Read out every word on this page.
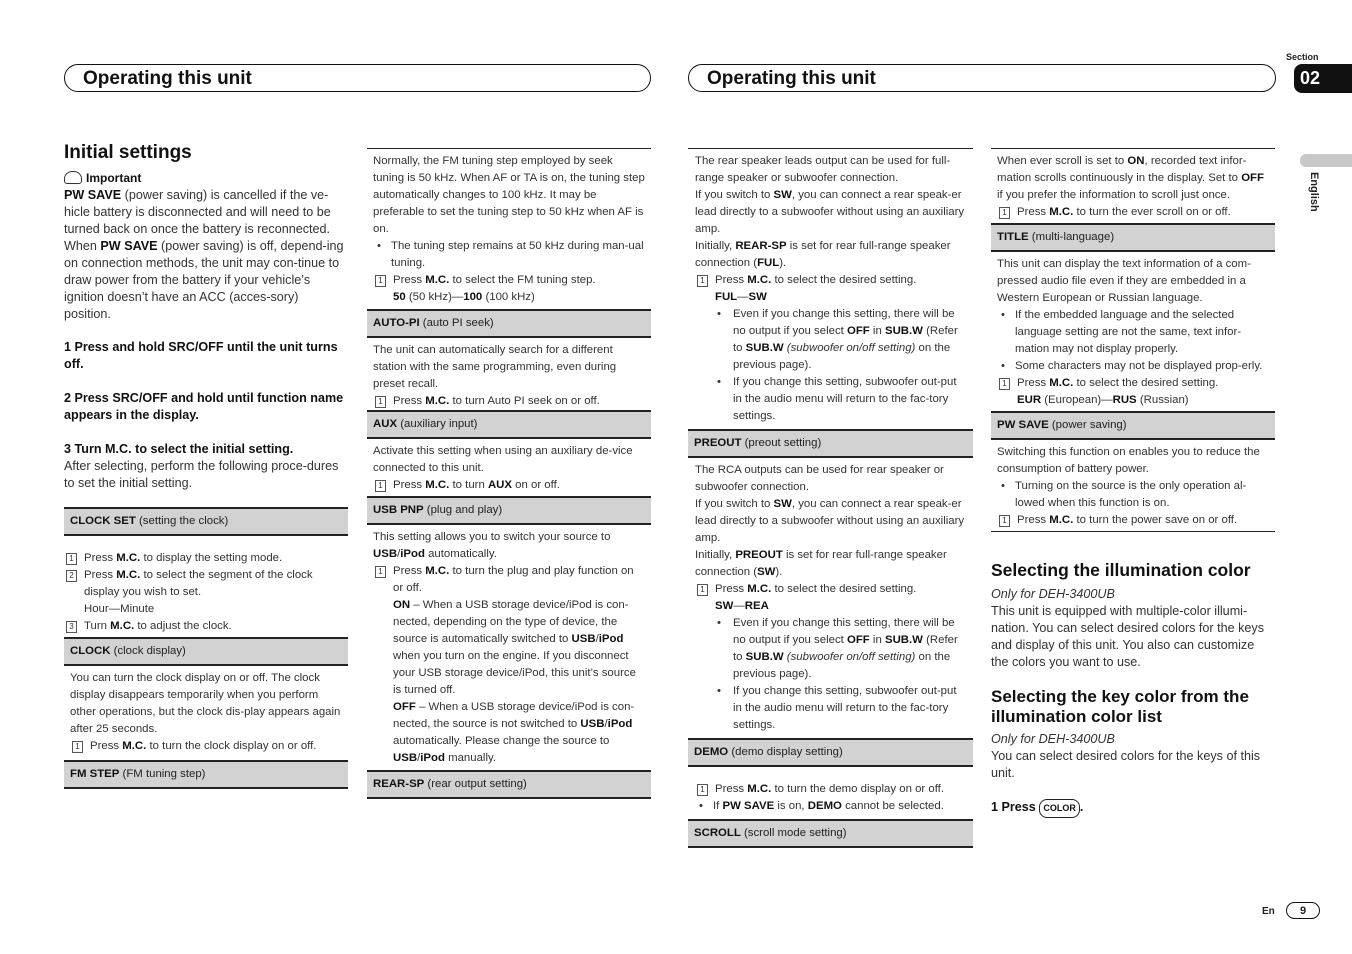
Operating this unit	Operating this unit
Section
02
English

Initial settings

Important

PW SAVE (power saving) is cancelled if the ve-hicle battery is disconnected and will need to be turned back on once the battery is reconnected. When PW SAVE (power saving) is off, depend-ing on connection methods, the unit may con-tinue to draw power from the battery if your vehicle’s ignition doesn’t have an ACC (acces-sory) position.

1 Press and hold SRC/OFF until the unit turns off.

2 Press SRC/OFF and hold until function name appears in the display.

3 Turn M.C. to select the initial setting.

After selecting, perform the following proce-dures to set the initial setting.

CLOCK SET (setting the clock)

1 Press M.C. to display the setting mode.

2 Press M.C. to select the segment of the clock display you wish to set.

Hour—Minute

3 Turn M.C. to adjust the clock.

CLOCK (clock display)

You can turn the clock display on or off. The clock display disappears temporarily when you perform other operations, but the clock dis-play appears again after 25 seconds.

1 Press M.C. to turn the clock display on or off.

FM STEP (FM tuning step)

Normally, the FM tuning step employed by seek tuning is 50 kHz. When AF or TA is on, the tuning step automatically changes to 100 kHz. It may be preferable to set the tuning step to 50 kHz when AF is on.

• The tuning step remains at 50 kHz during man-ual tuning.

1 Press M.C. to select the FM tuning step.

50 (50 kHz)—100 (100 kHz)

AUTO-PI (auto PI seek)

The unit can automatically search for a different station with the same programming, even during preset recall.

1 Press M.C. to turn Auto PI seek on or off.

AUX (auxiliary input)

Activate this setting when using an auxiliary de-vice connected to this unit.

1 Press M.C. to turn AUX on or off.

USB PNP (plug and play)

This setting allows you to switch your source to USB/iPod automatically.

1 Press M.C. to turn the plug and play function on or off.

ON – When a USB storage device/iPod is con-nected, depending on the type of device, the source is automatically switched to USB/iPod when you turn on the engine. If you disconnect your USB storage device/iPod, this unit’s source is turned off.

OFF – When a USB storage device/iPod is con-nected, the source is not switched to USB/iPod automatically. Please change the source to USB/iPod manually.

REAR-SP (rear output setting)

The rear speaker leads output can be used for full-range speaker or subwoofer connection.

If you switch to SW, you can connect a rear speak-er lead directly to a subwoofer without using an auxiliary amp.

Initially, REAR-SP is set for rear full-range speaker connection (FUL).

1 Press M.C. to select the desired setting.

FUL—SW

• Even if you change this setting, there will be no output if you select OFF in SUB.W (Refer to SUB.W (subwoofer on/off setting) on the previous page).

• If you change this setting, subwoofer out-put in the audio menu will return to the fac-tory settings.

PREOUT (preout setting)

The RCA outputs can be used for rear speaker or subwoofer connection.

If you switch to SW, you can connect a rear speak-er lead directly to a subwoofer without using an auxiliary amp.

Initially, PREOUT is set for rear full-range speaker connection (SW).

1 Press M.C. to select the desired setting.

SW—REA

• Even if you change this setting, there will be no output if you select OFF in SUB.W (Refer to SUB.W (subwoofer on/off setting) on the previous page).

• If you change this setting, subwoofer out-put in the audio menu will return to the fac-tory settings.

DEMO (demo display setting)

1 Press M.C. to turn the demo display on or off.

• If PW SAVE is on, DEMO cannot be selected.

SCROLL (scroll mode setting)

When ever scroll is set to ON, recorded text infor-mation scrolls continuously in the display. Set to OFF if you prefer the information to scroll just once.

1 Press M.C. to turn the ever scroll on or off.

TITLE (multi-language)

This unit can display the text information of a com-pressed audio file even if they are embedded in a Western European or Russian language.

• If the embedded language and the selected language setting are not the same, text infor-mation may not display properly.

• Some characters may not be displayed prop-erly.

1 Press M.C. to select the desired setting.

EUR (European)—RUS (Russian)

PW SAVE (power saving)

Switching this function on enables you to reduce the consumption of battery power.

• Turning on the source is the only operation al-lowed when this function is on.

1 Press M.C. to turn the power save on or off.

Selecting the illumination color

Only for DEH-3400UB

This unit is equipped with multiple-color illumi-nation. You can select desired colors for the keys and display of this unit. You also can customize the colors you want to use.

Selecting the key color from the illumination color list

Only for DEH-3400UB

You can select desired colors for the keys of this unit.

1 Press COLOR .

En	9
